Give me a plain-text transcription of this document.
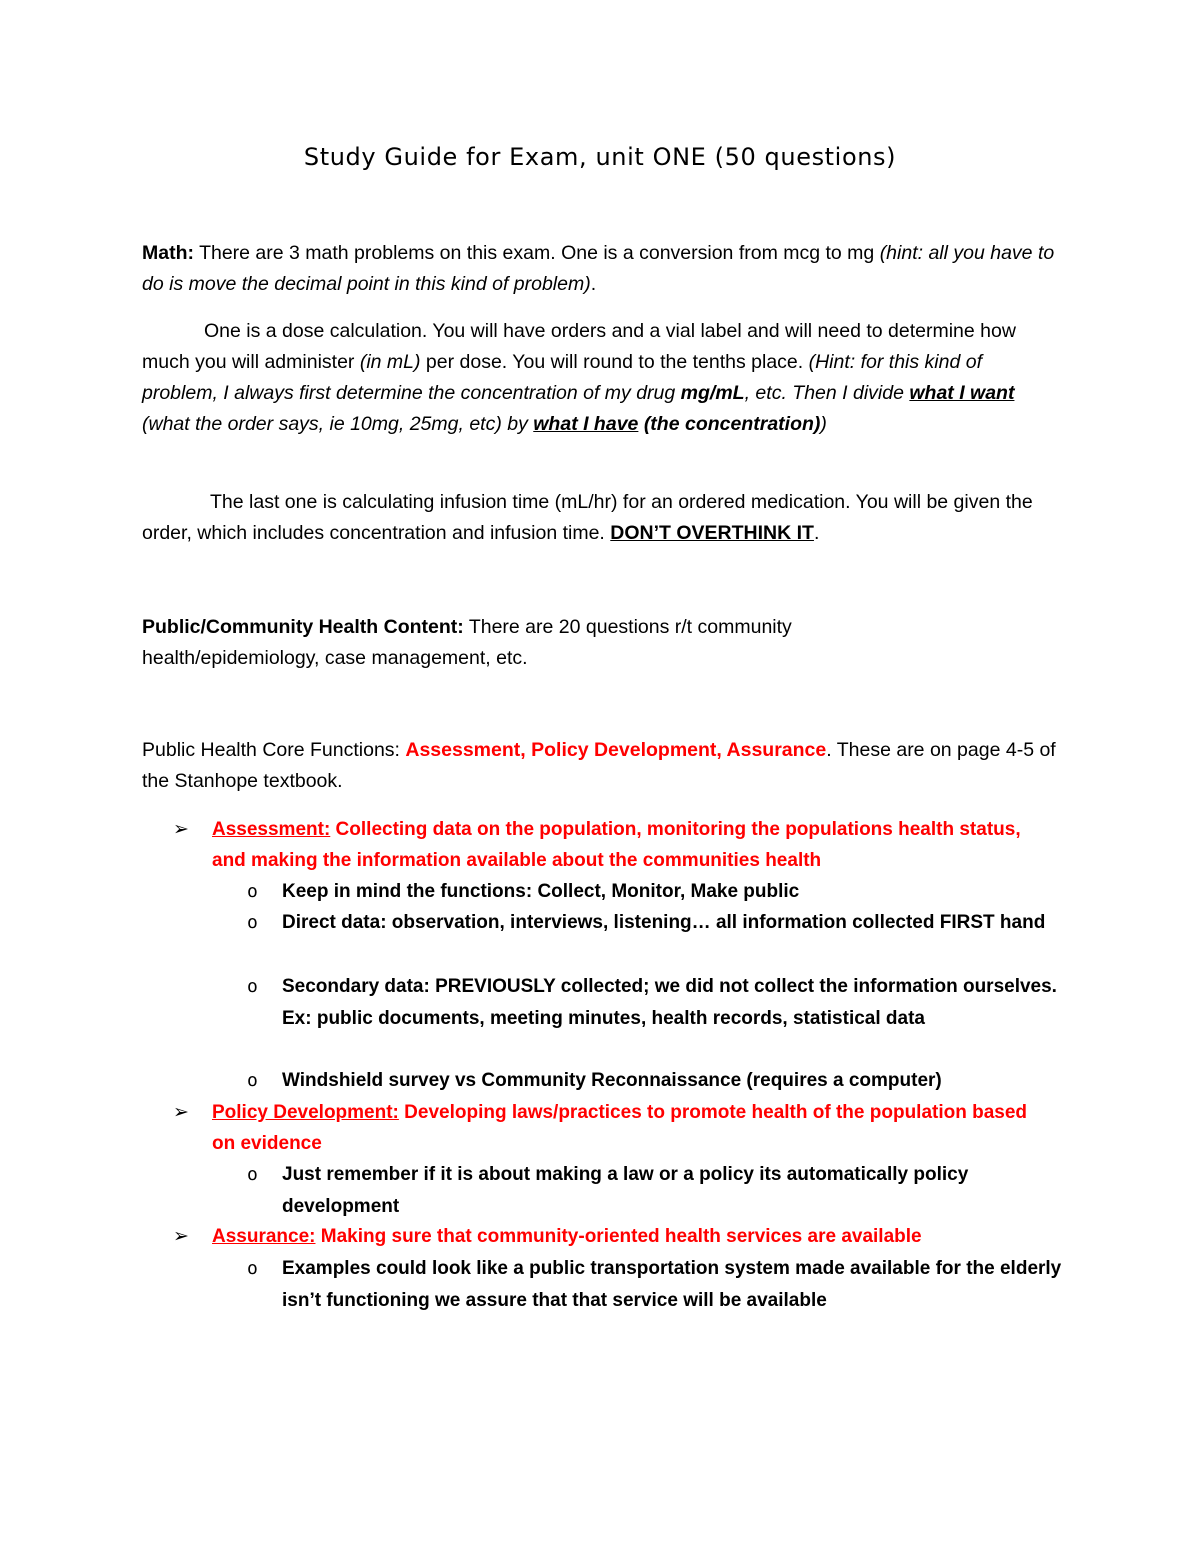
Study Guide for Exam, unit ONE (50 questions)
Math: There are 3 math problems on this exam. One is a conversion from mcg to mg (hint: all you have to do is move the decimal point in this kind of problem).
One is a dose calculation. You will have orders and a vial label and will need to determine how much you will administer (in mL) per dose. You will round to the tenths place. (Hint: for this kind of problem, I always first determine the concentration of my drug mg/mL, etc. Then I divide what I want (what the order says, ie 10mg, 25mg, etc) by what I have (the concentration))
The last one is calculating infusion time (mL/hr) for an ordered medication. You will be given the order, which includes concentration and infusion time. DON’T OVERTHINK IT.
Public/Community Health Content: There are 20 questions r/t community health/epidemiology, case management, etc.
Public Health Core Functions: Assessment, Policy Development, Assurance. These are on page 4-5 of the Stanhope textbook.
➢	Assessment: Collecting data on the population, monitoring the populations health status, and making the information available about the communities health
o Keep in mind the functions: Collect, Monitor, Make public
o Direct data: observation, interviews, listening… all information collected FIRST hand
o Secondary data: PREVIOUSLY collected; we did not collect the information ourselves. Ex: public documents, meeting minutes, health records, statistical data
o Windshield survey vs Community Reconnaissance (requires a computer)
➢	Policy Development: Developing laws/practices to promote health of the population based on evidence
o Just remember if it is about making a law or a policy its automatically policy development
➢	Assurance: Making sure that community-oriented health services are available
o Examples could look like a public transportation system made available for the elderly isn’t functioning we assure that that service will be available
